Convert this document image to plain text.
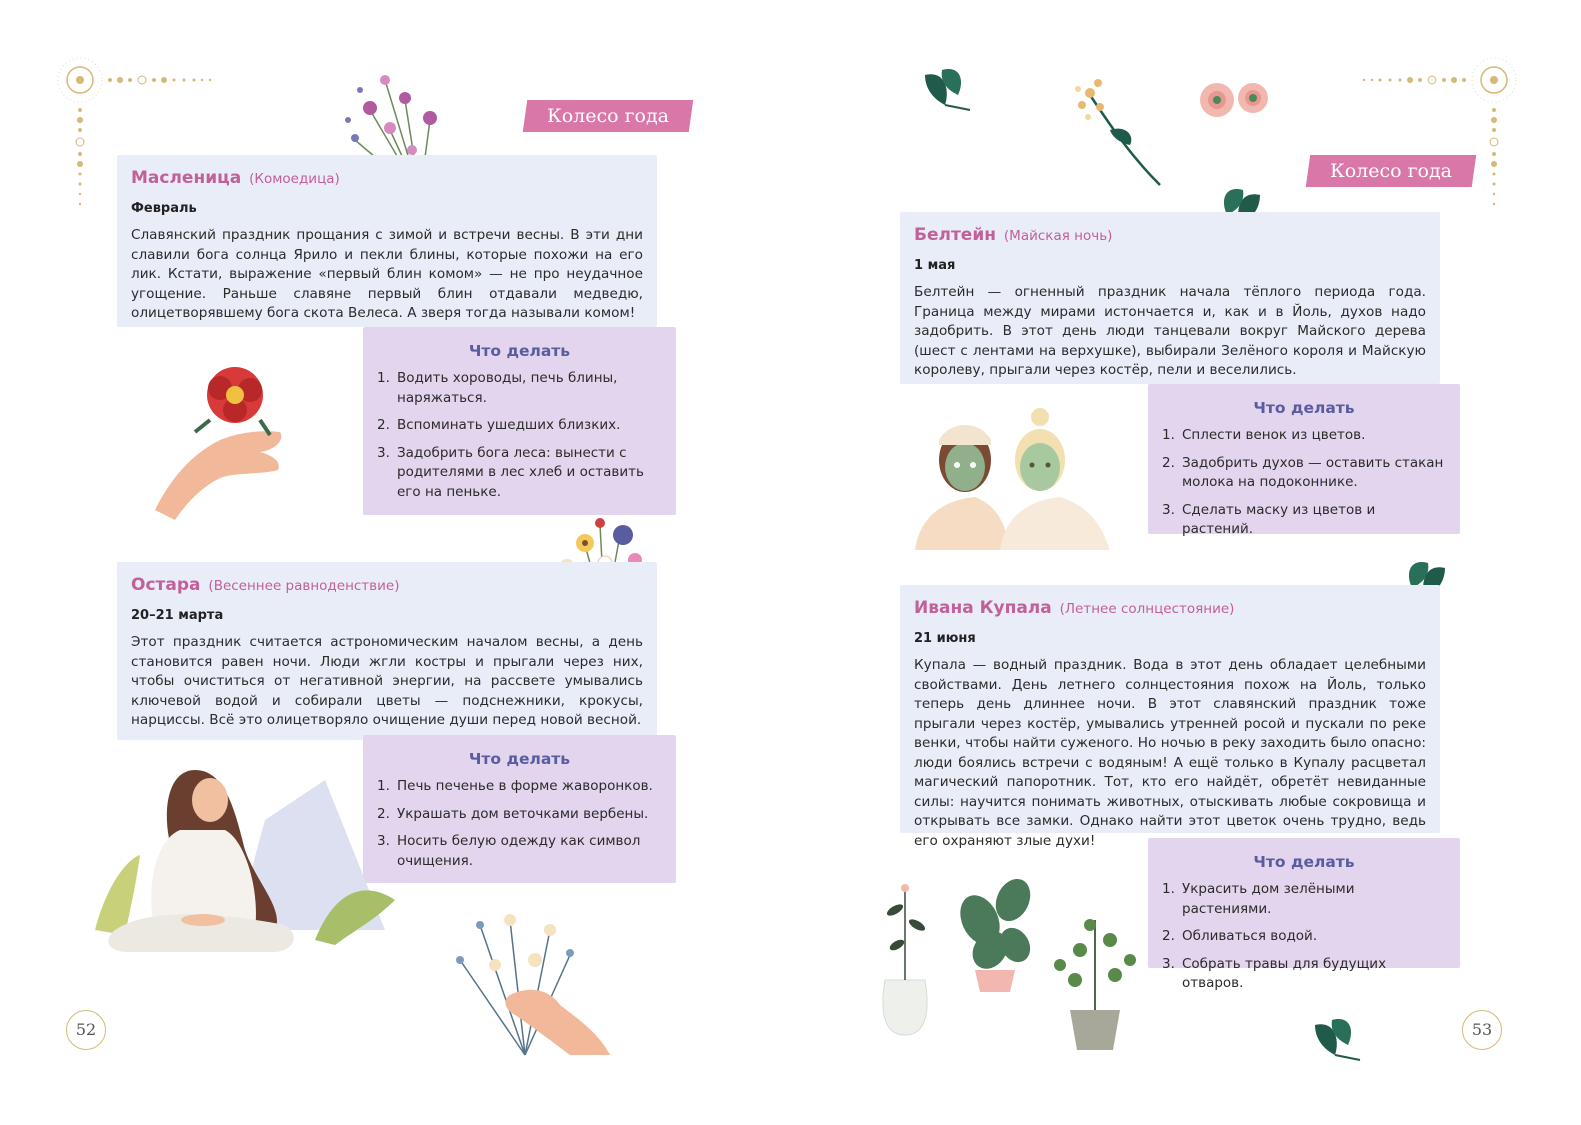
Колесо года
Масленица (Комоедица)
Февраль
Славянский праздник прощания с зимой и встречи весны. В эти дни славили бога солнца Ярило и пекли блины, которые похожи на его лик. Кстати, выражение «первый блин комом» — не про неудачное угощение. Раньше славяне первый блин отдавали медведю, олицетворявшему бога скота Велеса. А зверя тогда называли комом!
Что делать
1. Водить хороводы, печь блины, наряжаться.
2. Вспоминать ушедших близких.
3. Задобрить бога леса: вынести с родителями в лес хлеб и оставить его на пеньке.
Остара (Весеннее равноденствие)
20–21 марта
Этот праздник считается астрономическим началом весны, а день становится равен ночи. Люди жгли костры и прыгали через них, чтобы очиститься от негативной энергии, на рассвете умывались ключевой водой и собирали цветы — подснежники, крокусы, нарциссы. Всё это олицетворяло очищение души перед новой весной.
Что делать
1. Печь печенье в форме жаворонков.
2. Украшать дом веточками вербены.
3. Носить белую одежду как символ очищения.
52
Колесо года
Белтейн (Майская ночь)
1 мая
Белтейн — огненный праздник начала тёплого периода года. Граница между мирами истончается и, как и в Йоль, духов надо задобрить. В этот день люди танцевали вокруг Майского дерева (шест с лентами на верхушке), выбирали Зелёного короля и Майскую королеву, прыгали через костёр, пели и веселились.
Что делать
1. Сплести венок из цветов.
2. Задобрить духов — оставить стакан молока на подоконнике.
3. Сделать маску из цветов и растений.
Ивана Купала (Летнее солнцестояние)
21 июня
Купала — водный праздник. Вода в этот день обладает целебными свойствами. День летнего солнцестояния похож на Йоль, только теперь день длиннее ночи. В этот славянский праздник тоже прыгали через костёр, умывались утренней росой и пускали по реке венки, чтобы найти суженого. Но ночью в реку заходить было опасно: люди боялись встречи с водяным! А ещё только в Купалу расцветал магический папоротник. Тот, кто его найдёт, обретёт невиданные силы: научится понимать животных, отыскивать любые сокровища и открывать все замки. Однако найти этот цветок очень трудно, ведь его охраняют злые духи!
Что делать
1. Украсить дом зелёными растениями.
2. Обливаться водой.
3. Собрать травы для будущих отваров.
53
